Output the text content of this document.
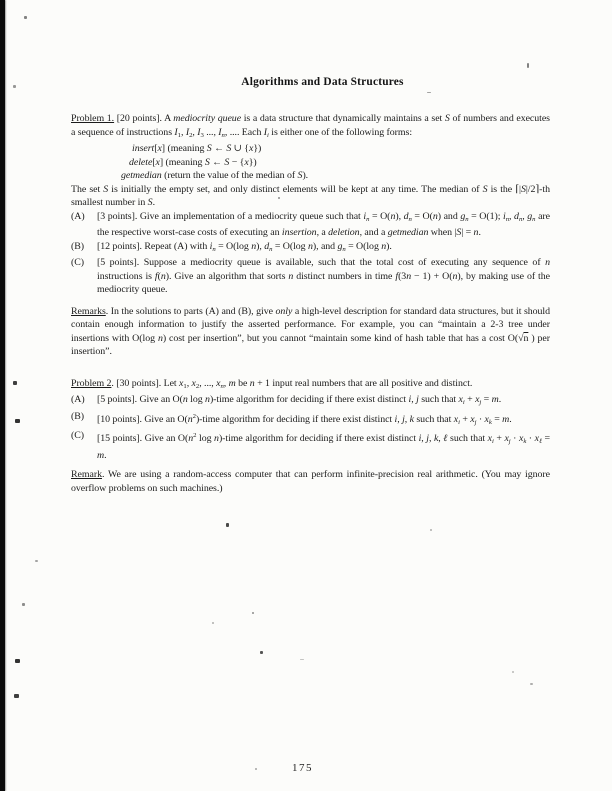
Algorithms and Data Structures
Problem 1. [20 points]. A mediocrity queue is a data structure that dynamically maintains a set S of numbers and executes a sequence of instructions $I_1$, $I_2$, $I_3$ ..., $I_n$, .... Each $I_i$ is either one of the following forms:
insert[x] (meaning S ← S ∪ {x})
delete[x] (meaning S ← S − {x})
getmedian (return the value of the median of S).
The set S is initially the empty set, and only distinct elements will be kept at any time. The median of S is the ⌈|S|/2⌉-th smallest number in S.
(A) [3 points]. Give an implementation of a mediocrity queue such that $i_n = O(n)$, $d_n = O(n)$ and $g_n = O(1)$; $i_n$, $d_n$, $g_n$ are the respective worst-case costs of executing an insertion, a deletion, and a getmedian when |S| = n.
(B) [12 points]. Repeat (A) with $i_n = O(\log$ n), $d_n = O(\log$ n), and $g_n = O(\log$ n).
(C) [5 points]. Suppose a mediocrity queue is available, such that the total cost of executing any sequence of n instructions is f(n). Give an algorithm that sorts n distinct numbers in time f(3n − 1) + O(n), by making use of the mediocrity queue.
Remarks. In the solutions to parts (A) and (B), give only a high-level description for standard data structures, but it should contain enough information to justify the asserted performance. For example, you can “maintain a 2-3 tree under insertions with O(log n) cost per insertion”, but you cannot “maintain some kind of hash table that has a cost O(√n ) per insertion”.
Problem 2. [30 points]. Let $x_1$, $x_2$, ..., $x_n$, m be n + 1 input real numbers that are all positive and distinct.
(A) [5 points]. Give an O(n log n)-time algorithm for deciding if there exist distinct i, j such that $x_i + x_j = m$.
(B) [10 points]. Give an $O(n^2)$-time algorithm for deciding if there exist distinct i, j, k such that $x_i + x_j \cdot x_k = m$.
(C) [15 points]. Give an $O(n^2$ log n)-time algorithm for deciding if there exist distinct i, j, k, ℓ such that $x_i + x_j \cdot x_k \cdot x_\ell = m$.
Remark. We are using a random-access computer that can perform infinite-precision real arithmetic. (You may ignore overflow problems on such machines.)
175
